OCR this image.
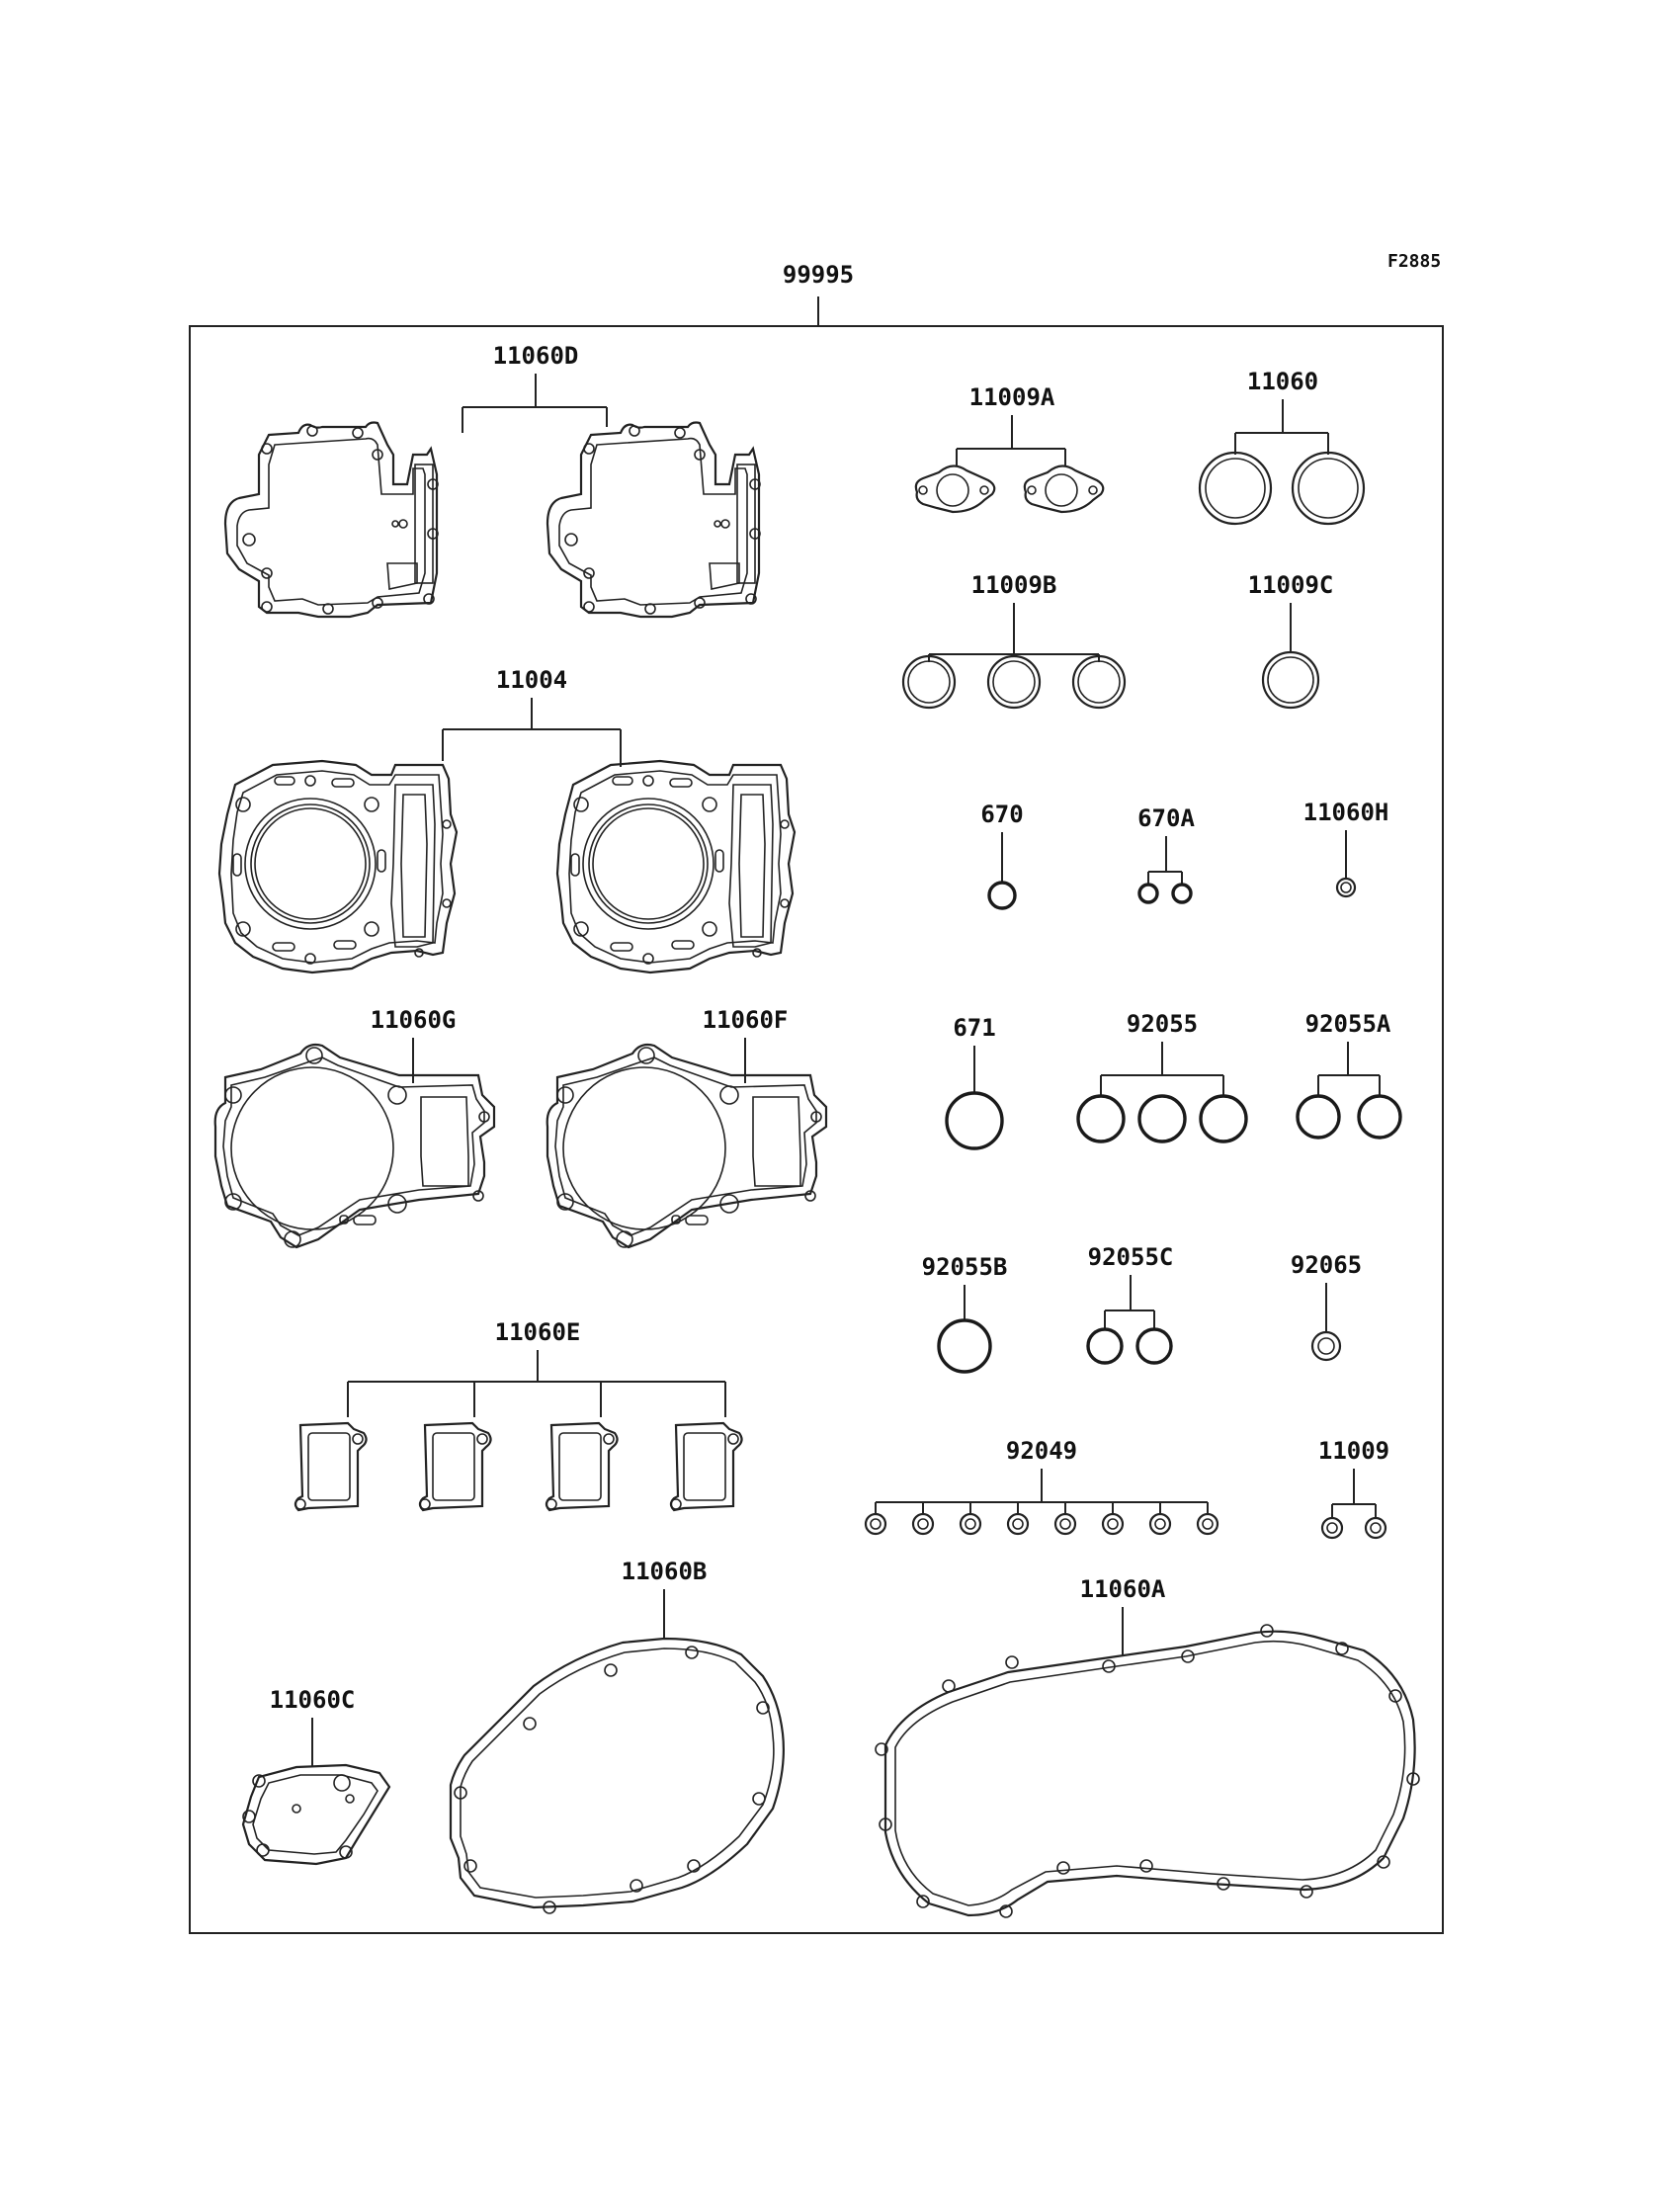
F2885
99995
11060D
11004
11060G	11060F
11060E
11060B
11060C
11060A
11009A
11060
11009B	11009C
670	670A	11060H
671	92055	92055A
92055B	92055C	92065
92049	11009
